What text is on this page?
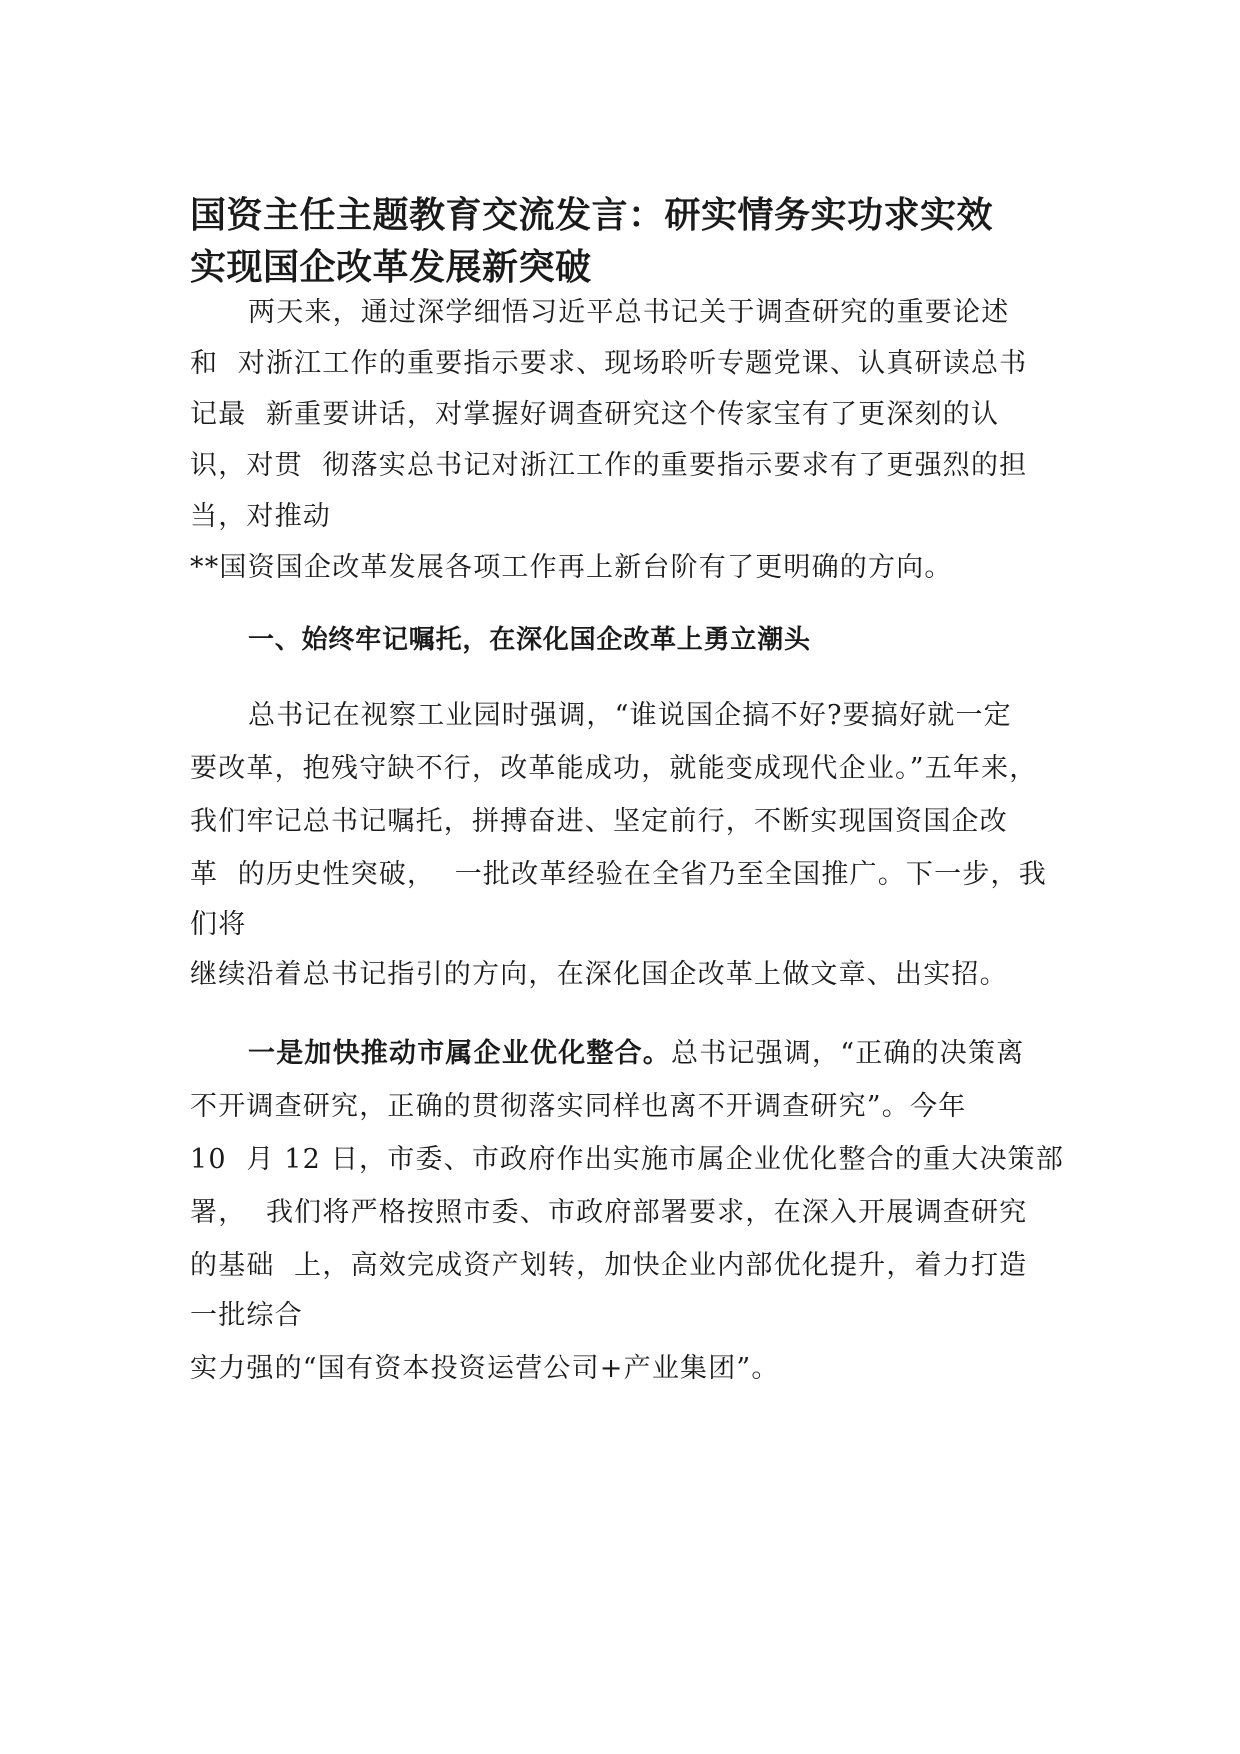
国资主任主题教育交流发言：研实情务实功求实效
实现国企改革发展新突破
两天来，通过深学细悟习近平总书记关于调查研究的重要论述
和  对浙江工作的重要指示要求、现场聆听专题党课、认真研读总书
记最  新重要讲话，对掌握好调查研究这个传家宝有了更深刻的认
识，对贯  彻落实总书记对浙江工作的重要指示要求有了更强烈的担
当，对推动
**国资国企改革发展各项工作再上新台阶有了更明确的方向。
一、始终牢记嘱托，在深化国企改革上勇立潮头
总书记在视察工业园时强调，“谁说国企搞不好?要搞好就一定
要改革，抱残守缺不行，改革能成功，就能变成现代企业。”五年来，
我们牢记总书记嘱托，拼搏奋进、坚定前行，不断实现国资国企改
革  的历史性突破，  一批改革经验在全省乃至全国推广。下一步，我
们将
继续沿着总书记指引的方向，在深化国企改革上做文章、出实招。
一是加快推动市属企业优化整合。总书记强调，“正确的决策离
不开调查研究，正确的贯彻落实同样也离不开调查研究”。今年
10  月 12 日，市委、市政府作出实施市属企业优化整合的重大决策部
署，  我们将严格按照市委、市政府部署要求，在深入开展调查研究
的基础  上，高效完成资产划转，加快企业内部优化提升，着力打造
一批综合
实力强的“国有资本投资运营公司+产业集团”。
